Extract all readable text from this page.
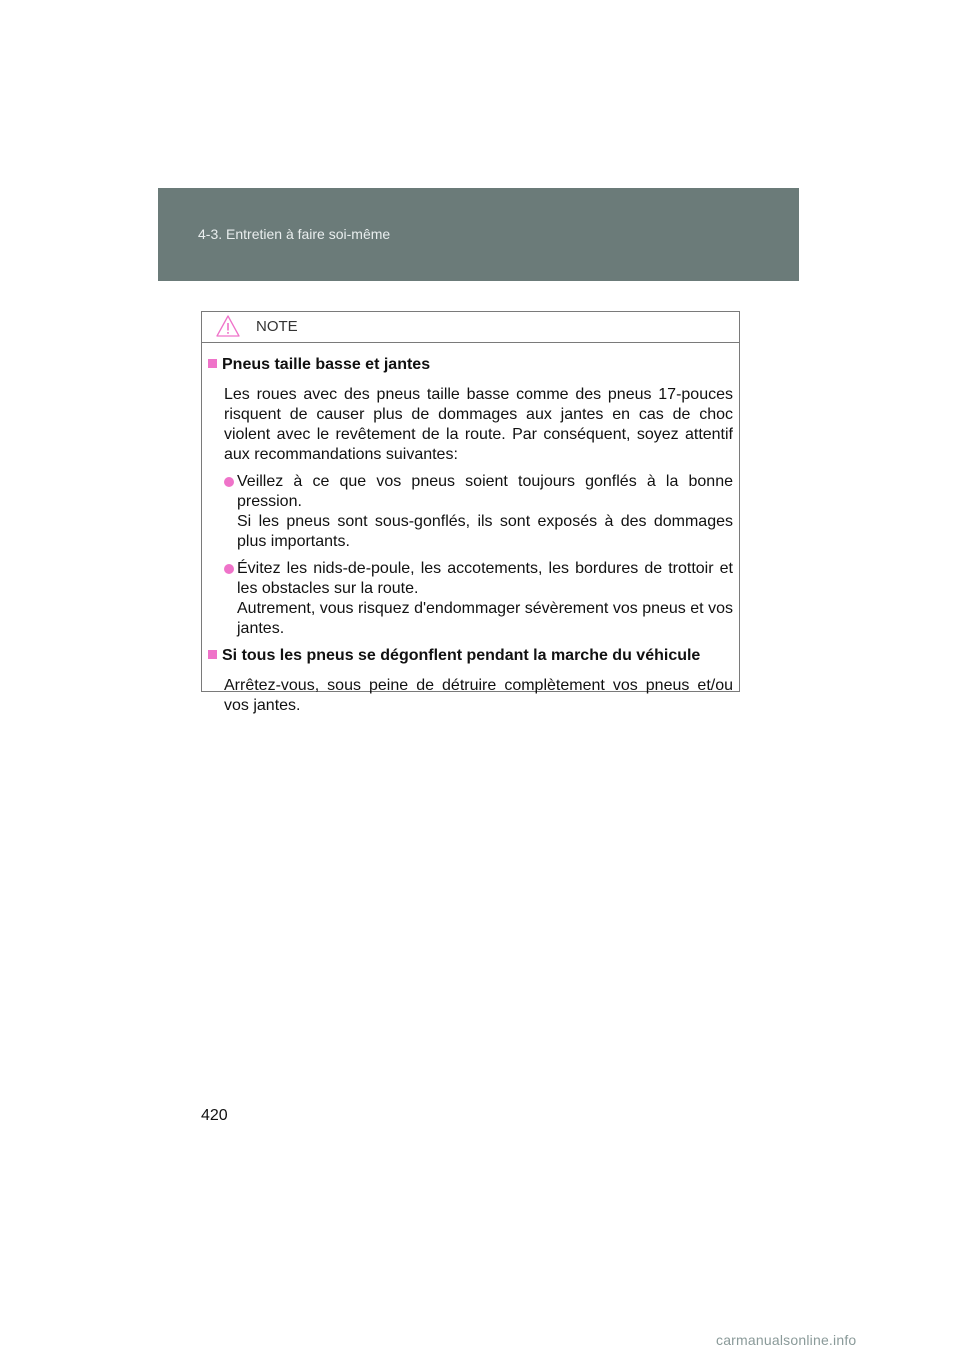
4-3. Entretien à faire soi-même
NOTE
Pneus taille basse et jantes

Les roues avec des pneus taille basse comme des pneus 17-pouces risquent de causer plus de dommages aux jantes en cas de choc violent avec le revêtement de la route. Par conséquent, soyez attentif aux recommandations suivantes:

Veillez à ce que vos pneus soient toujours gonflés à la bonne pression.
Si les pneus sont sous-gonflés, ils sont exposés à des dommages plus importants.
Évitez les nids-de-poule, les accotements, les bordures de trottoir et les obstacles sur la route.
Autrement, vous risquez d'endommager sévèrement vos pneus et vos jantes.
Si tous les pneus se dégonflent pendant la marche du véhicule

Arrêtez-vous, sous peine de détruire complètement vos pneus et/ou vos jantes.

420
carmanualsonline.info
